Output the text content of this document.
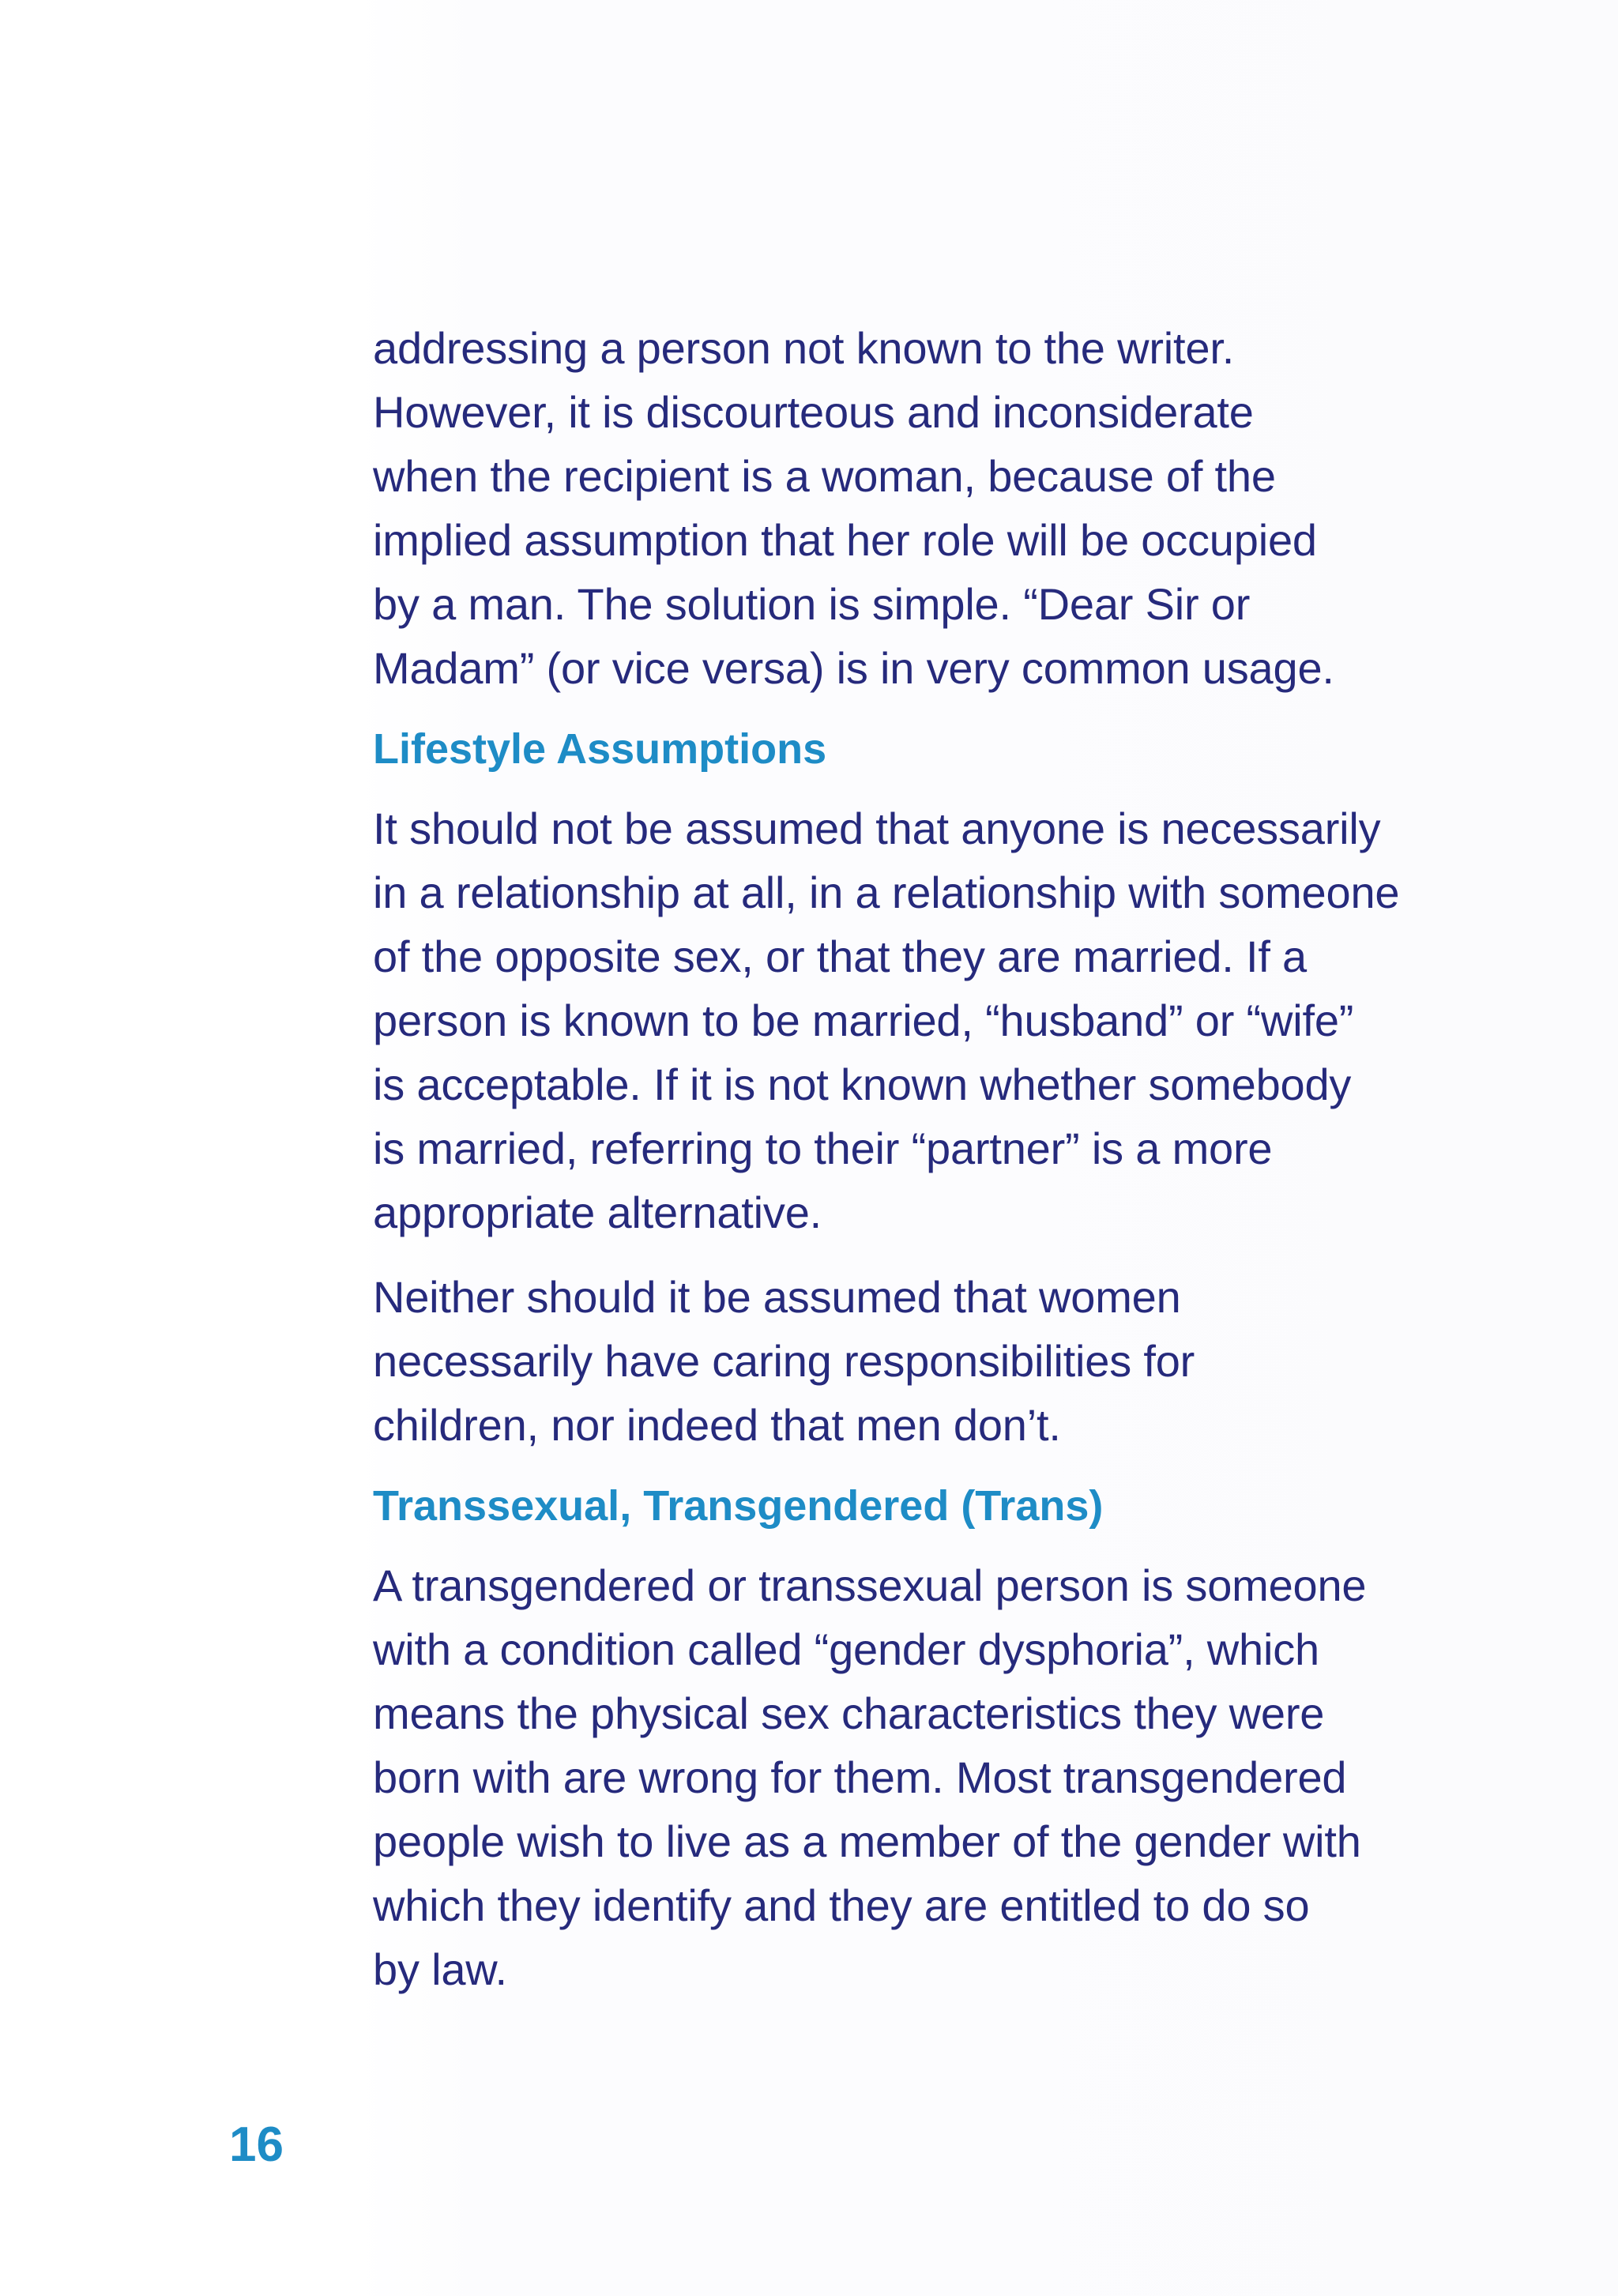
addressing a person not known to the writer.
However, it is discourteous and inconsiderate
when the recipient is a woman, because of the
implied assumption that her role will be occupied
by a man. The solution is simple. “Dear Sir or
Madam” (or vice versa) is in very common usage.

Lifestyle Assumptions

It should not be assumed that anyone is necessarily
in a relationship at all, in a relationship with someone
of the opposite sex, or that they are married. If a
person is known to be married, “husband” or “wife”
is acceptable. If it is not known whether somebody
is married, referring to their “partner” is a more
appropriate alternative.

Neither should it be assumed that women
necessarily have caring responsibilities for
children, nor indeed that men don’t.

Transsexual, Transgendered (Trans)

A transgendered or transsexual person is someone
with a condition called “gender dysphoria”, which
means the physical sex characteristics they were
born with are wrong for them. Most transgendered
people wish to live as a member of the gender with
which they identify and they are entitled to do so
by law.

16
